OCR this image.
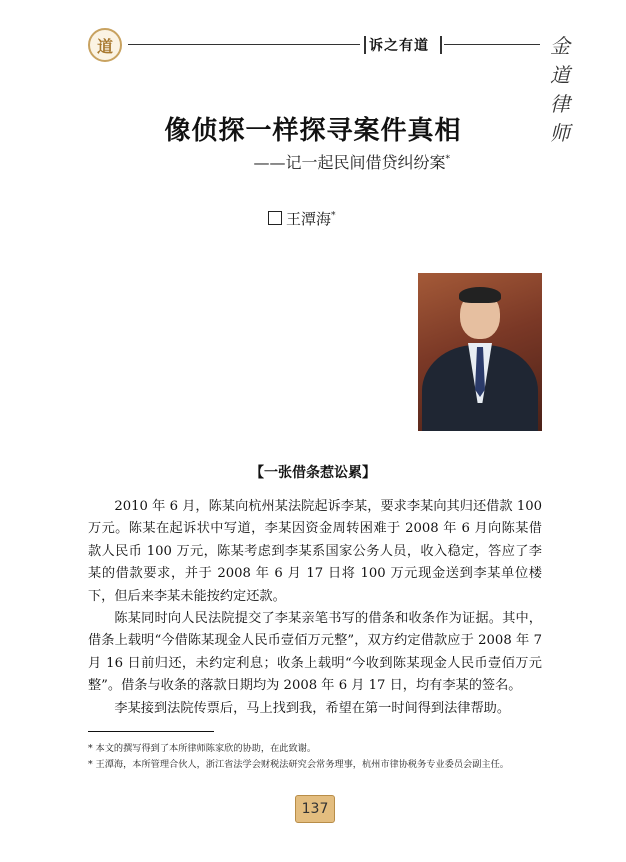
道	诉之有道	金道律师
像侦探一样探寻案件真相
——记一起民间借贷纠纷案*
王潭海*
【一张借条惹讼累】

2010 年 6 月，陈某向杭州某法院起诉李某，要求李某向其归还借款 100 万元。陈某在起诉状中写道，李某因资金周转困难于 2008 年 6 月向陈某借款人民币 100 万元，陈某考虑到李某系国家公务人员，收入稳定，答应了李某的借款要求，并于 2008 年 6 月 17 日将 100 万元现金送到李某单位楼下，但后来李某未能按约定还款。

陈某同时向人民法院提交了李某亲笔书写的借条和收条作为证据。其中，借条上载明“今借陈某现金人民币壹佰万元整”，双方约定借款应于 2008 年 7 月 16 日前归还，未约定利息；收条上载明“今收到陈某现金人民币壹佰万元整”。借条与收条的落款日期均为 2008 年 6 月 17 日，均有李某的签名。

李某接到法院传票后，马上找到我，希望在第一时间得到法律帮助。

* 本文的撰写得到了本所律师陈家欣的协助，在此致谢。

* 王潭海，本所管理合伙人，浙江省法学会财税法研究会常务理事，杭州市律协税务专业委员会副主任。

137
